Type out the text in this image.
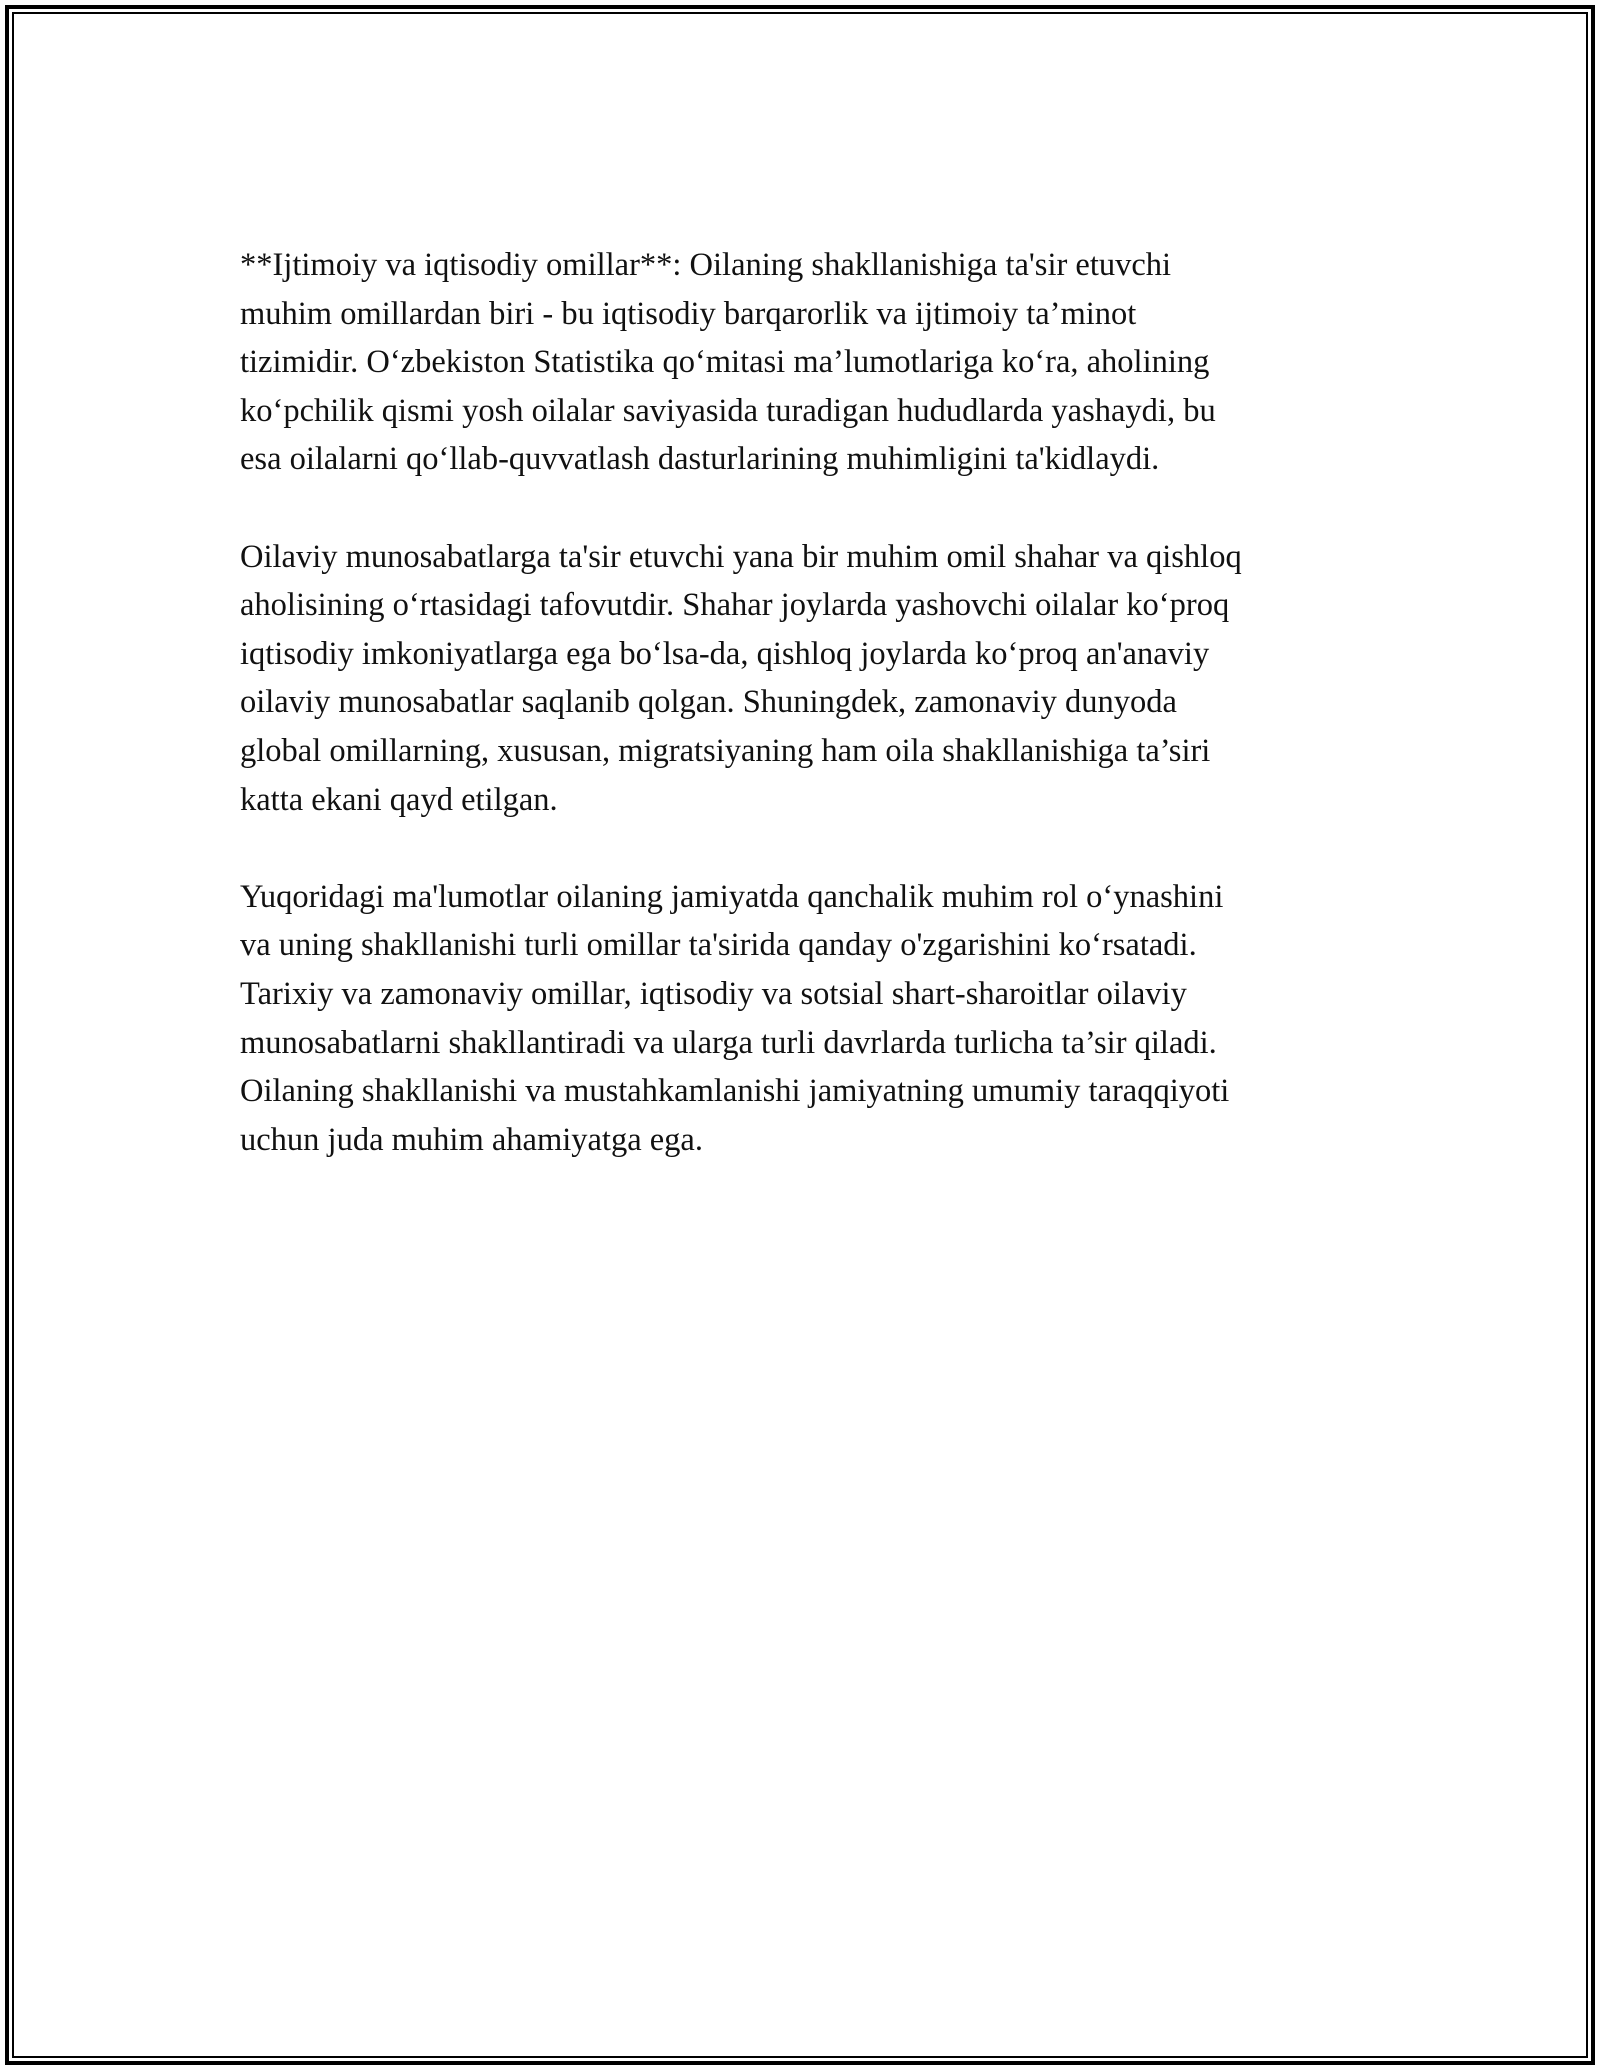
**Ijtimoiy va iqtisodiy omillar**: Oilaning shakllanishiga ta'sir etuvchi
muhim omillardan biri - bu iqtisodiy barqarorlik va ijtimoiy ta’minot
tizimidir. O‘zbekiston Statistika qo‘mitasi ma’lumotlariga ko‘ra, aholining
ko‘pchilik qismi yosh oilalar saviyasida turadigan hududlarda yashaydi, bu
esa oilalarni qo‘llab-quvvatlash dasturlarining muhimligini ta'kidlaydi.

Oilaviy munosabatlarga ta'sir etuvchi yana bir muhim omil shahar va qishloq
aholisining o‘rtasidagi tafovutdir. Shahar joylarda yashovchi oilalar ko‘proq
iqtisodiy imkoniyatlarga ega bo‘lsa-da, qishloq joylarda ko‘proq an'anaviy
oilaviy munosabatlar saqlanib qolgan. Shuningdek, zamonaviy dunyoda
global omillarning, xususan, migratsiyaning ham oila shakllanishiga ta’siri
katta ekani qayd etilgan.

Yuqoridagi ma'lumotlar oilaning jamiyatda qanchalik muhim rol o‘ynashini
va uning shakllanishi turli omillar ta'sirida qanday o'zgarishini ko‘rsatadi.
Tarixiy va zamonaviy omillar, iqtisodiy va sotsial shart-sharoitlar oilaviy
munosabatlarni shakllantiradi va ularga turli davrlarda turlicha ta’sir qiladi.
Oilaning shakllanishi va mustahkamlanishi jamiyatning umumiy taraqqiyoti
uchun juda muhim ahamiyatga ega.
